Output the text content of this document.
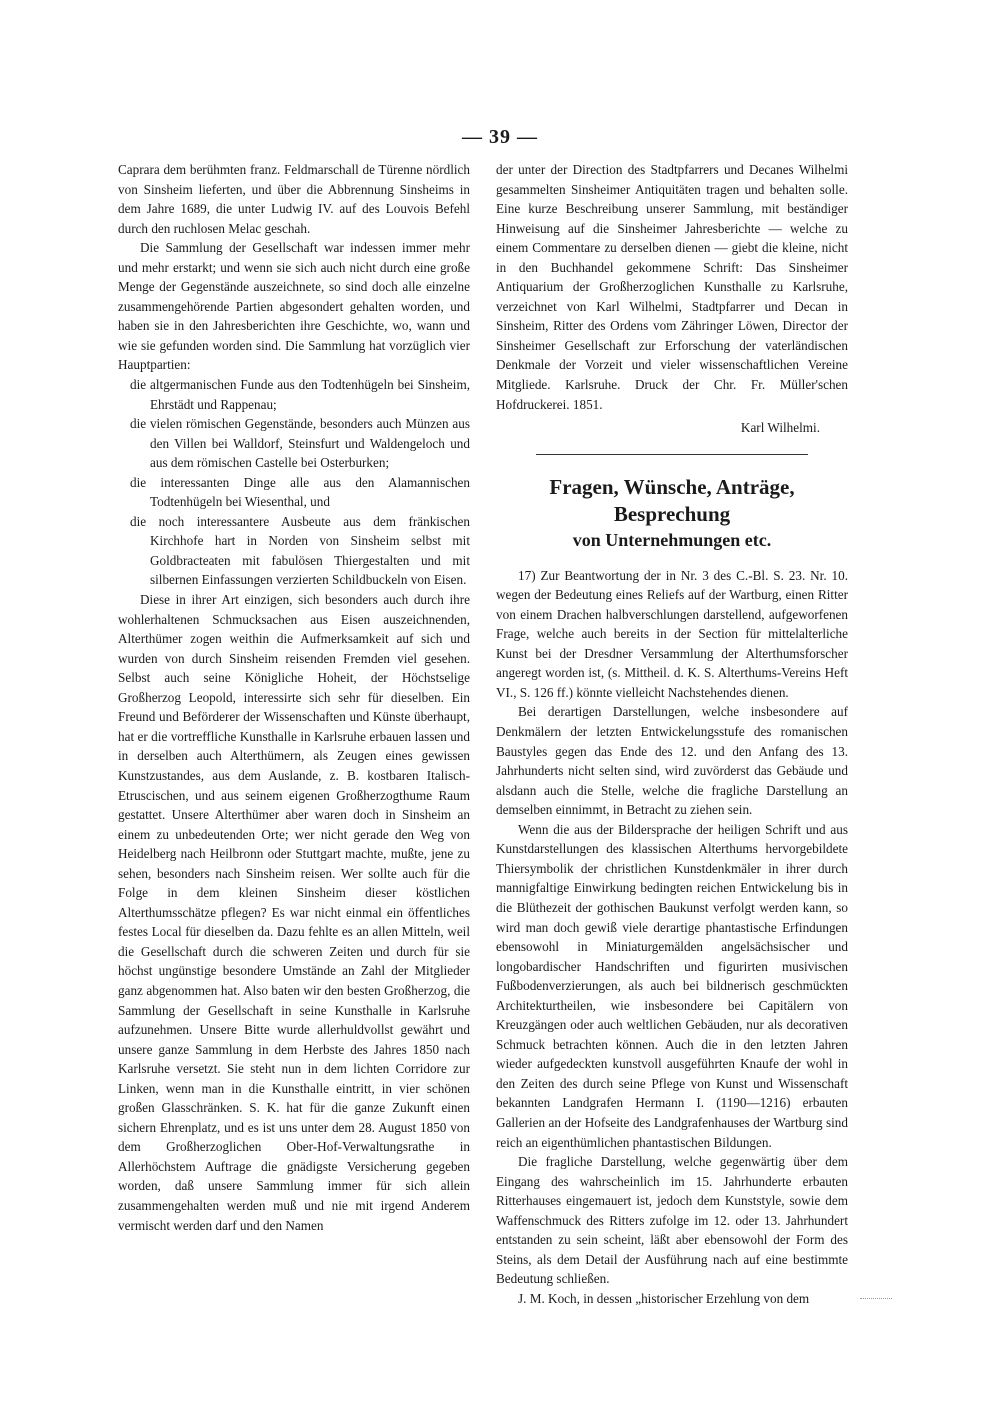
— 39 —

Caprara dem berühmten franz. Feldmarschall de Türenne nördlich von Sinsheim lieferten, und über die Abbrennung Sinsheims in dem Jahre 1689, die unter Ludwig IV. auf des Louvois Befehl durch den ruchlosen Melac geschah.

Die Sammlung der Gesellschaft war indessen immer mehr und mehr erstarkt; und wenn sie sich auch nicht durch eine große Menge der Gegenstände auszeichnete, so sind doch alle einzelne zusammengehörende Partien abgesondert gehalten worden, und haben sie in den Jahresberichten ihre Geschichte, wo, wann und wie sie gefunden worden sind. Die Sammlung hat vorzüglich vier Hauptpartien:

die altgermanischen Funde aus den Todtenhügeln bei Sinsheim, Ehrstädt und Rappenau;
die vielen römischen Gegenstände, besonders auch Münzen aus den Villen bei Walldorf, Steinsfurt und Waldengeloch und aus dem römischen Castelle bei Osterburken;
die interessanten Dinge alle aus den Alamannischen Todtenhügeln bei Wiesenthal, und
die noch interessantere Ausbeute aus dem fränkischen Kirchhofe hart in Norden von Sinsheim selbst mit Goldbracteaten mit fabulösen Thiergestalten und mit silbernen Einfassungen verzierten Schildbuckeln von Eisen.

Diese in ihrer Art einzigen, sich besonders auch durch ihre wohlerhaltenen Schmucksachen aus Eisen auszeichnenden, Alterthümer zogen weithin die Aufmerksamkeit auf sich und wurden von durch Sinsheim reisenden Fremden viel gesehen. Selbst auch seine Königliche Hoheit, der Höchstselige Großherzog Leopold, interessirte sich sehr für dieselben. Ein Freund und Beförderer der Wissenschaften und Künste überhaupt, hat er die vortreffliche Kunsthalle in Karlsruhe erbauen lassen und in derselben auch Alterthümern, als Zeugen eines gewissen Kunstzustandes, aus dem Auslande, z. B. kostbaren Italisch-Etruscischen, und aus seinem eigenen Großherzogthume Raum gestattet. Unsere Alterthümer aber waren doch in Sinsheim an einem zu unbedeutenden Orte; wer nicht gerade den Weg von Heidelberg nach Heilbronn oder Stuttgart machte, mußte, jene zu sehen, besonders nach Sinsheim reisen. Wer sollte auch für die Folge in dem kleinen Sinsheim dieser köstlichen Alterthumsschätze pflegen? Es war nicht einmal ein öffentliches festes Local für dieselben da. Dazu fehlte es an allen Mitteln, weil die Gesellschaft durch die schweren Zeiten und durch für sie höchst ungünstige besondere Umstände an Zahl der Mitglieder ganz abgenommen hat. Also baten wir den besten Großherzog, die Sammlung der Gesellschaft in seine Kunsthalle in Karlsruhe aufzunehmen. Unsere Bitte wurde allerhuldvollst gewährt und unsere ganze Sammlung in dem Herbste des Jahres 1850 nach Karlsruhe versetzt. Sie steht nun in dem lichten Corridore zur Linken, wenn man in die Kunsthalle eintritt, in vier schönen großen Glasschränken. S. K. hat für die ganze Zukunft einen sichern Ehrenplatz, und es ist uns unter dem 28. August 1850 von dem Großherzoglichen Ober-Hof-Verwaltungsrathe in Allerhöchstem Auftrage die gnädigste Versicherung gegeben worden, daß unsere Sammlung immer für sich allein zusammengehalten werden muß und nie mit irgend Anderem vermischt werden darf und den Namen

der unter der Direction des Stadtpfarrers und Decanes Wilhelmi gesammelten Sinsheimer Antiquitäten tragen und behalten solle. Eine kurze Beschreibung unserer Sammlung, mit beständiger Hinweisung auf die Sinsheimer Jahresberichte — welche zu einem Commentare zu derselben dienen — giebt die kleine, nicht in den Buchhandel gekommene Schrift: Das Sinsheimer Antiquarium der Großherzoglichen Kunsthalle zu Karlsruhe, verzeichnet von Karl Wilhelmi, Stadtpfarrer und Decan in Sinsheim, Ritter des Ordens vom Zähringer Löwen, Director der Sinsheimer Gesellschaft zur Erforschung der vaterländischen Denkmale der Vorzeit und vieler wissenschaftlichen Vereine Mitgliede. Karlsruhe. Druck der Chr. Fr. Müller'schen Hofdruckerei. 1851.

Karl Wilhelmi.

Fragen, Wünsche, Anträge, Besprechung

von Unternehmungen etc.

17) Zur Beantwortung der in Nr. 3 des C.-Bl. S. 23. Nr. 10. wegen der Bedeutung eines Reliefs auf der Wartburg, einen Ritter von einem Drachen halbverschlungen darstellend, aufgeworfenen Frage, welche auch bereits in der Section für mittelalterliche Kunst bei der Dresdner Versammlung der Alterthumsforscher angeregt worden ist, (s. Mittheil. d. K. S. Alterthums-Vereins Heft VI., S. 126 ff.) könnte vielleicht Nachstehendes dienen.

Bei derartigen Darstellungen, welche insbesondere auf Denkmälern der letzten Entwickelungsstufe des romanischen Baustyles gegen das Ende des 12. und den Anfang des 13. Jahrhunderts nicht selten sind, wird zuvörderst das Gebäude und alsdann auch die Stelle, welche die fragliche Darstellung an demselben einnimmt, in Betracht zu ziehen sein.

Wenn die aus der Bildersprache der heiligen Schrift und aus Kunstdarstellungen des klassischen Alterthums hervorgebildete Thiersymbolik der christlichen Kunstdenkmäler in ihrer durch mannigfaltige Einwirkung bedingten reichen Entwickelung bis in die Blüthezeit der gothischen Baukunst verfolgt werden kann, so wird man doch gewiß viele derartige phantastische Erfindungen ebensowohl in Miniaturgemälden angelsächsischer und longobardischer Handschriften und figurirten musivischen Fußbodenverzierungen, als auch bei bildnerisch geschmückten Architekturtheilen, wie insbesondere bei Capitälern von Kreuzgängen oder auch weltlichen Gebäuden, nur als decorativen Schmuck betrachten können. Auch die in den letzten Jahren wieder aufgedeckten kunstvoll ausgeführten Knaufe der wohl in den Zeiten des durch seine Pflege von Kunst und Wissenschaft bekannten Landgrafen Hermann I. (1190—1216) erbauten Gallerien an der Hofseite des Landgrafenhauses der Wartburg sind reich an eigenthümlichen phantastischen Bildungen.

Die fragliche Darstellung, welche gegenwärtig über dem Eingang des wahrscheinlich im 15. Jahrhunderte erbauten Ritterhauses eingemauert ist, jedoch dem Kunststyle, sowie dem Waffenschmuck des Ritters zufolge im 12. oder 13. Jahrhundert entstanden zu sein scheint, läßt aber ebensowohl der Form des Steins, als dem Detail der Ausführung nach auf eine bestimmte Bedeutung schließen.

J. M. Koch, in dessen „historischer Erzehlung von dem
